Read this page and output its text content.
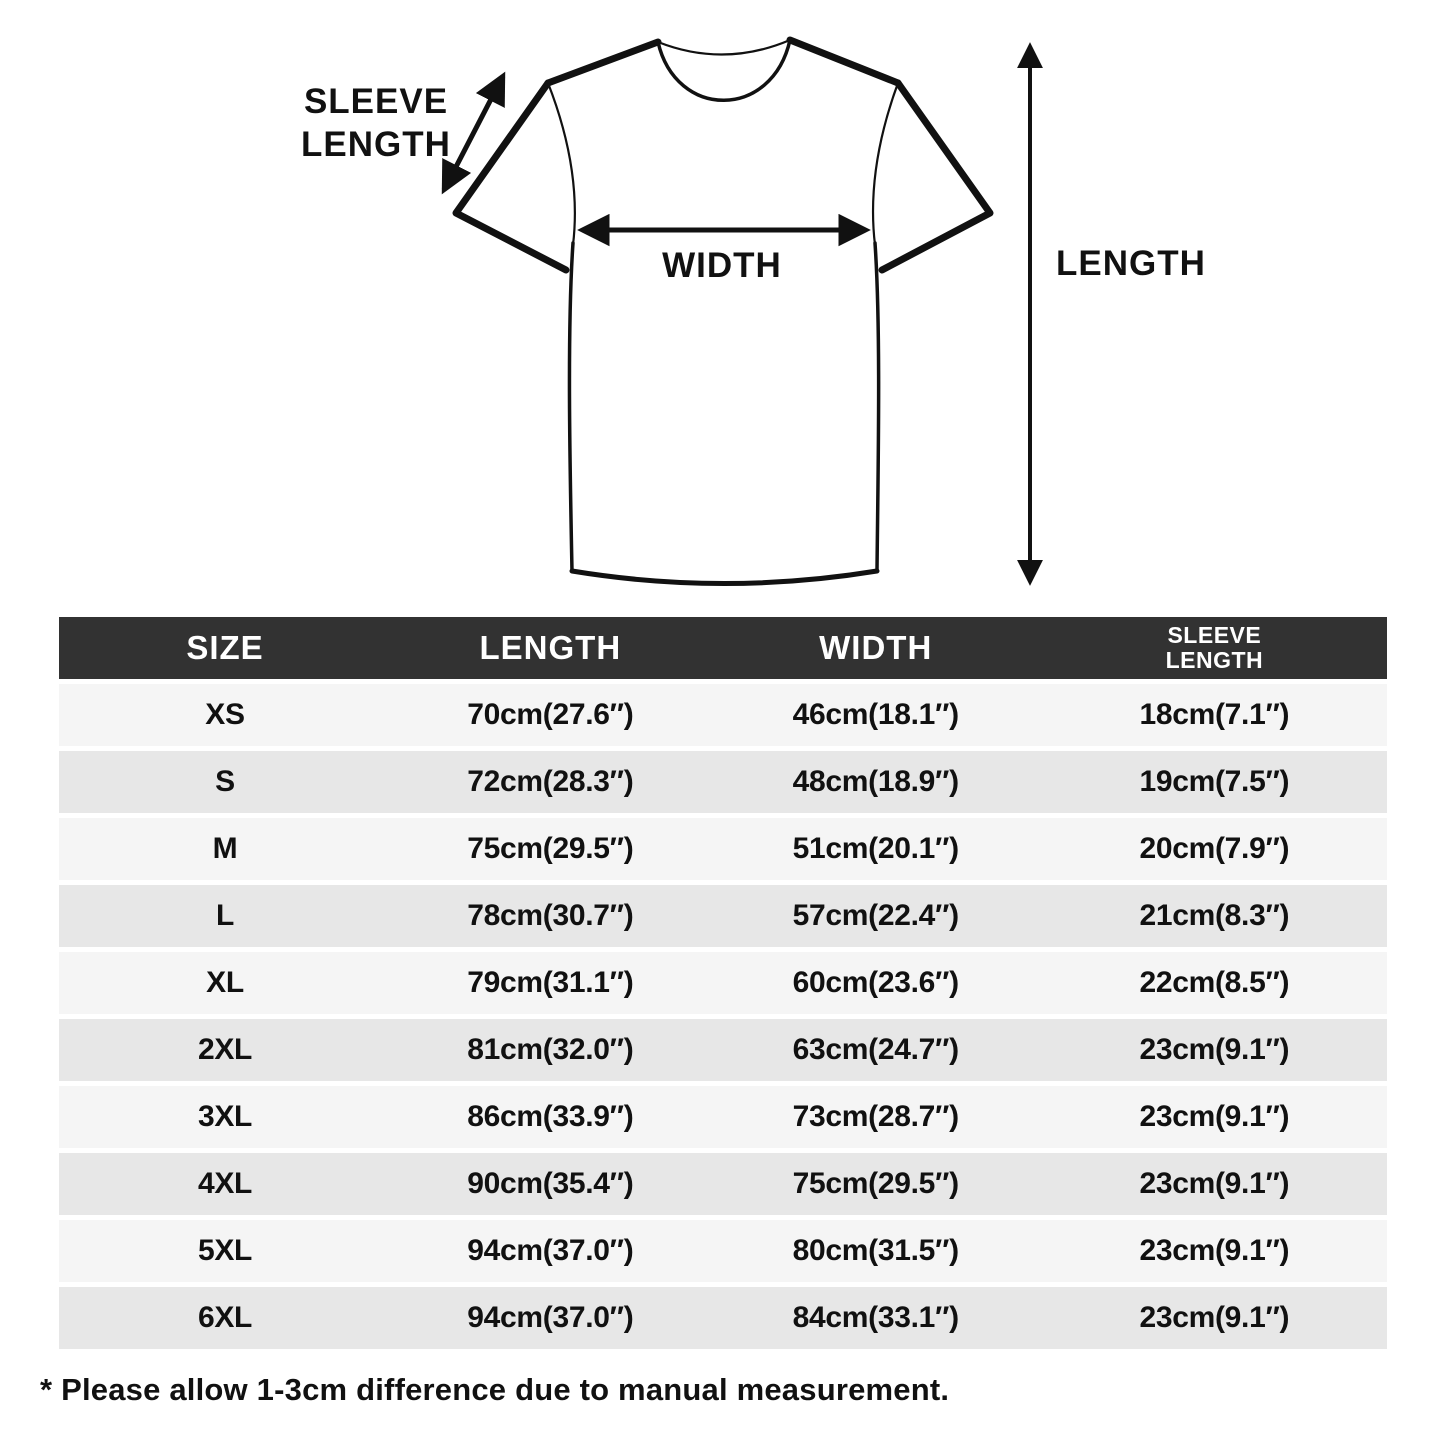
SLEEVE
LENGTH
WIDTH	LENGTH
SIZE	LENGTH	WIDTH	SLEEVE LENGTH

XS	70cm(27.6″)	46cm(18.1″)	18cm(7.1″)
S	72cm(28.3″)	48cm(18.9″)	19cm(7.5″)
M	75cm(29.5″)	51cm(20.1″)	20cm(7.9″)
L	78cm(30.7″)	57cm(22.4″)	21cm(8.3″)
XL	79cm(31.1″)	60cm(23.6″)	22cm(8.5″)
2XL	81cm(32.0″)	63cm(24.7″)	23cm(9.1″)
3XL	86cm(33.9″)	73cm(28.7″)	23cm(9.1″)
4XL	90cm(35.4″)	75cm(29.5″)	23cm(9.1″)
5XL	94cm(37.0″)	80cm(31.5″)	23cm(9.1″)
6XL	94cm(37.0″)	84cm(33.1″)	23cm(9.1″)
* Please allow 1-3cm difference due to manual measurement.
